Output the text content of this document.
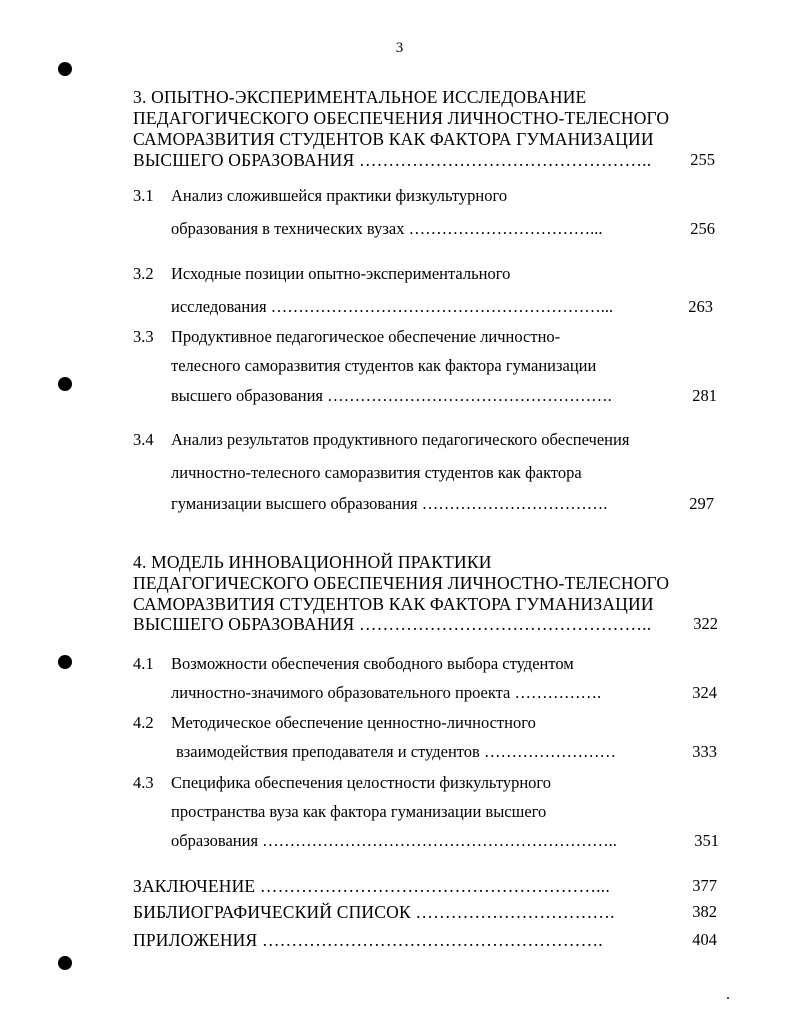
3
3. ОПЫТНО-ЭКСПЕРИМЕНТАЛЬНОЕ ИССЛЕДОВАНИЕ
ПЕДАГОГИЧЕСКОГО ОБЕСПЕЧЕНИЯ ЛИЧНОСТНО-ТЕЛЕСНОГО
САМОРАЗВИТИЯ СТУДЕНТОВ КАК ФАКТОРА ГУМАНИЗАЦИИ
ВЫСШЕГО ОБРАЗОВАНИЯ …………………………………………..	255
3.1 Анализ сложившейся практики физкультурного
образования в технических вузах ……………………………...	256
3.2 Исходные позиции опытно-экспериментального
исследования ……………………………………………………...	263
3.3 Продуктивное педагогическое обеспечение личностно-
телесного саморазвития студентов как фактора гуманизации
высшего образования …………………………………………….	281
3.4 Анализ результатов продуктивного педагогического обеспечения
личностно-телесного саморазвития студентов как фактора
гуманизации высшего образования …………………………….	297
4. МОДЕЛЬ ИННОВАЦИОННОЙ ПРАКТИКИ
ПЕДАГОГИЧЕСКОГО ОБЕСПЕЧЕНИЯ ЛИЧНОСТНО-ТЕЛЕСНОГО
САМОРАЗВИТИЯ СТУДЕНТОВ КАК ФАКТОРА ГУМАНИЗАЦИИ
ВЫСШЕГО ОБРАЗОВАНИЯ …………………………………………..	322
4.1 Возможности обеспечения свободного выбора студентом
личностно-значимого образовательного проекта …………….	324
4.2 Методическое обеспечение ценностно-личностного
взаимодействия преподавателя и студентов ……………………	333
4.3 Специфика обеспечения целостности физкультурного
пространства вуза как фактора гуманизации высшего
образования ………………………………………………………..	351
ЗАКЛЮЧЕНИЕ …………………………………………………...	377
БИБЛИОГРАФИЧЕСКИЙ СПИСОК …………………………….	382
ПРИЛОЖЕНИЯ ………………………………………………….	404
